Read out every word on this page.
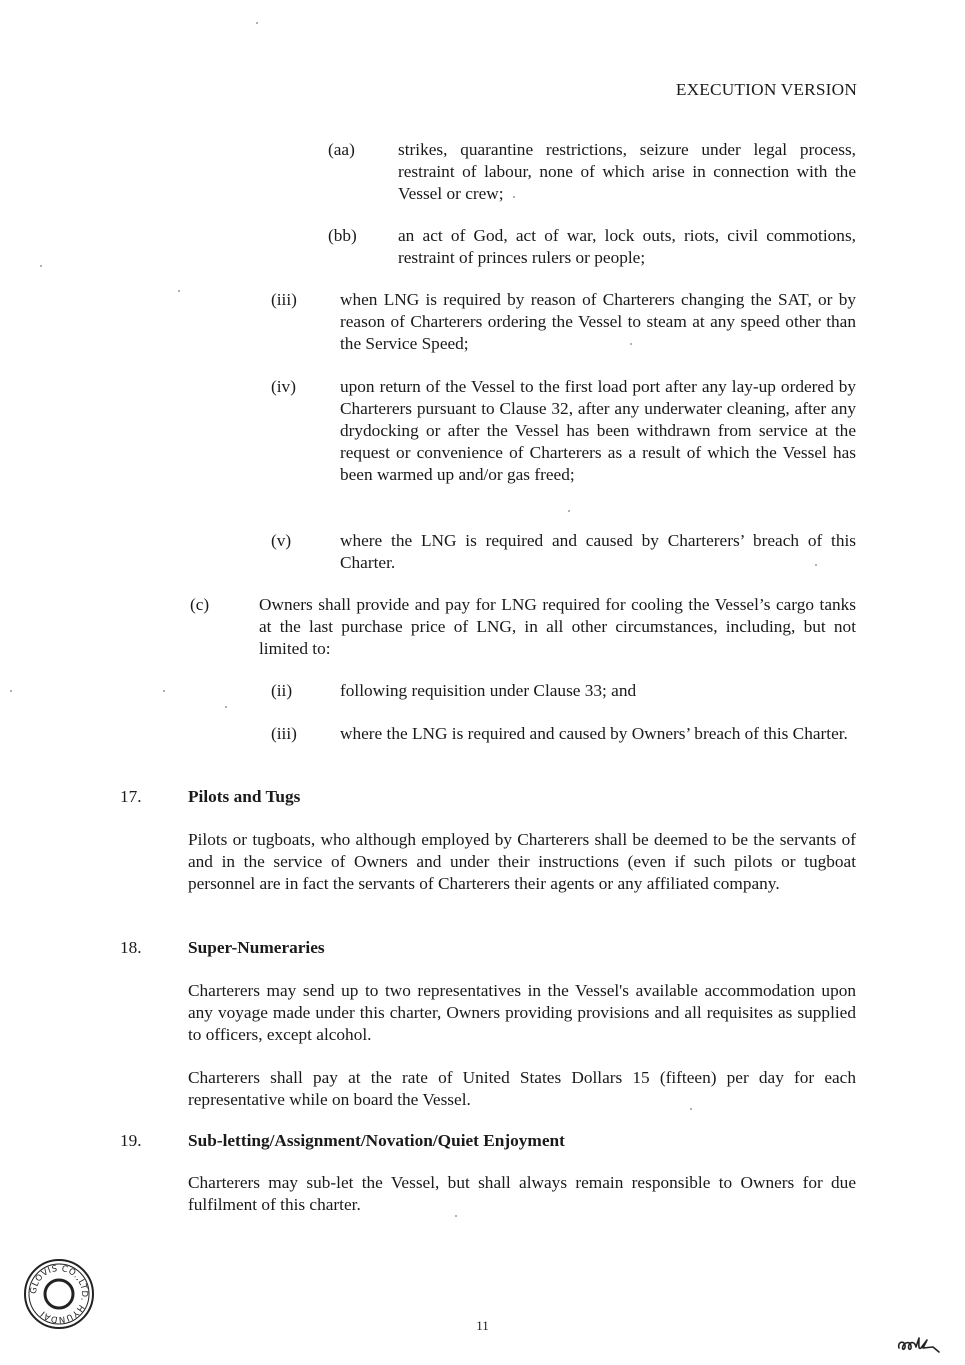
EXECUTION VERSION
(aa) strikes, quarantine restrictions, seizure under legal process, restraint of labour, none of which arise in connection with the Vessel or crew;
(bb) an act of God, act of war, lock outs, riots, civil commotions, restraint of princes rulers or people;
(iii) when LNG is required by reason of Charterers changing the SAT, or by reason of Charterers ordering the Vessel to steam at any speed other than the Service Speed;
(iv)	upon return of the Vessel to the first load port after any lay-up ordered by Charterers pursuant to Clause 32, after any underwater cleaning, after any drydocking or after the Vessel has been withdrawn from service at the request or convenience of Charterers as a result of which the Vessel has been warmed up and/or gas freed;
(v)	where the LNG is required and caused by Charterers’ breach of this Charter.
(c)	Owners shall provide and pay for LNG required for cooling the Vessel’s cargo tanks at the last purchase price of LNG, in all other circumstances, including, but not limited to:
(ii)	following requisition under Clause 33; and
(iii) where the LNG is required and caused by Owners’ breach of this Charter.
17.	Pilots and Tugs
Pilots or tugboats, who although employed by Charterers shall be deemed to be the servants of and in the service of Owners and under their instructions (even if such pilots or tugboat personnel are in fact the servants of Charterers their agents or any affiliated company.
18.	Super-Numeraries
Charterers may send up to two representatives in the Vessel's available accommodation upon any voyage made under this charter, Owners providing provisions and all requisites as supplied to officers, except alcohol.
Charterers shall pay at the rate of United States Dollars 15 (fifteen) per day for each representative while on board the Vessel.
19.	Sub-letting/Assignment/Novation/Quiet Enjoyment
Charterers may sub-let the Vessel, but shall always remain responsible to Owners for due fulfilment of this charter.
GLOVIS CO.,LTD. HYUNDAI
11
